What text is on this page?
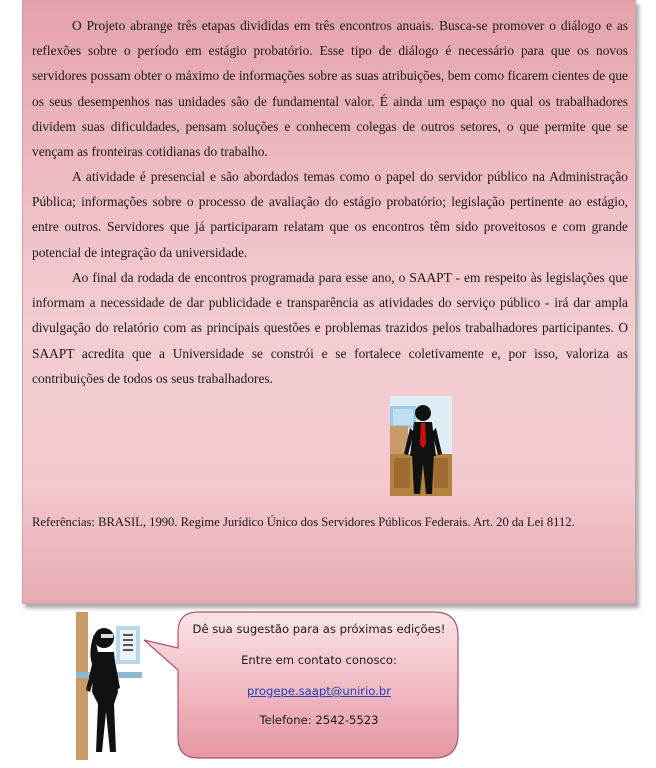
O Projeto abrange três etapas divididas em três encontros anuais. Busca-se promover o diálogo e as reflexões sobre o período em estágio probatório. Esse tipo de diálogo é necessário para que os novos servidores possam obter o máximo de informações sobre as suas atribuições, bem como ficarem cientes de que os seus desempenhos nas unidades são de fundamental valor. É ainda um espaço no qual os trabalhadores dividem suas dificuldades, pensam soluções e conhecem colegas de outros setores, o que permite que se vençam as fronteiras cotidianas do trabalho.

A atividade é presencial e são abordados temas como o papel do servidor público na Administração Pública; informações sobre o processo de avaliação do estágio probatório; legislação pertinente ao estágio, entre outros. Servidores que já participaram relatam que os encontros têm sido proveitosos e com grande potencial de integração da universidade.

Ao final da rodada de encontros programada para esse ano, o SAAPT - em respeito às legislações que informam a necessidade de dar publicidade e transparência as atividades do serviço público - irá dar ampla divulgação do relatório com as principais questões e problemas trazidos pelos trabalhadores participantes. O SAAPT acredita que a Universidade se constrói e se fortalece coletivamente e, por isso, valoriza as contribuições de todos os seus trabalhadores.

Referências: BRASIL, 1990. Regime Jurídico Único dos Servidores Públicos Federais. Art. 20 da Lei 8112.

Dê sua sugestão para as próximas edições!
Entre em contato conosco:
progepe.saapt@unirio.br
Telefone: 2542-5523
